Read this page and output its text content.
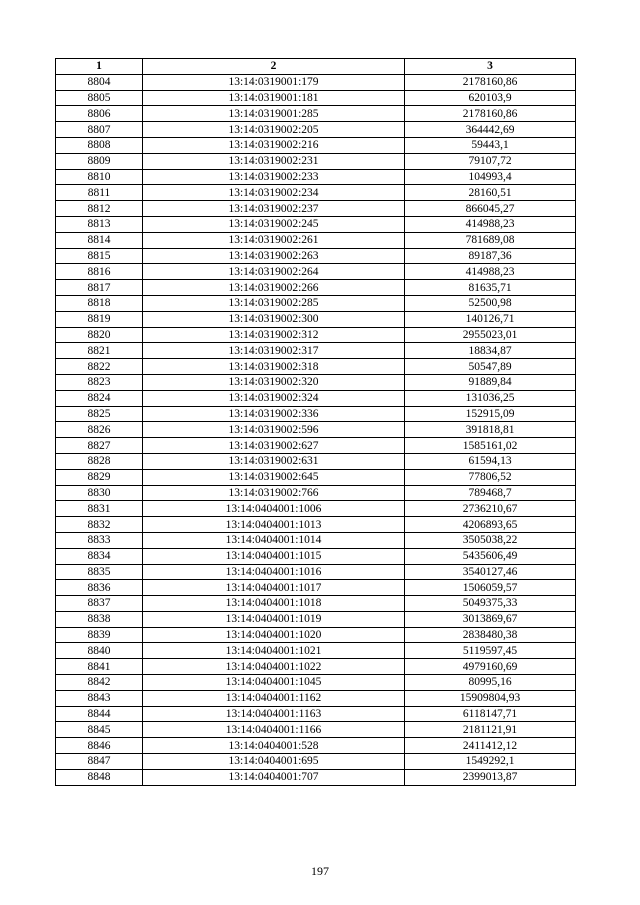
1	2	3
8804	13:14:0319001:179	2178160,86
8805	13:14:0319001:181	620103,9
8806	13:14:0319001:285	2178160,86
8807	13:14:0319002:205	364442,69
8808	13:14:0319002:216	59443,1
8809	13:14:0319002:231	79107,72
8810	13:14:0319002:233	104993,4
8811	13:14:0319002:234	28160,51
8812	13:14:0319002:237	866045,27
8813	13:14:0319002:245	414988,23
8814	13:14:0319002:261	781689,08
8815	13:14:0319002:263	89187,36
8816	13:14:0319002:264	414988,23
8817	13:14:0319002:266	81635,71
8818	13:14:0319002:285	52500,98
8819	13:14:0319002:300	140126,71
8820	13:14:0319002:312	2955023,01
8821	13:14:0319002:317	18834,87
8822	13:14:0319002:318	50547,89
8823	13:14:0319002:320	91889,84
8824	13:14:0319002:324	131036,25
8825	13:14:0319002:336	152915,09
8826	13:14:0319002:596	391818,81
8827	13:14:0319002:627	1585161,02
8828	13:14:0319002:631	61594,13
8829	13:14:0319002:645	77806,52
8830	13:14:0319002:766	789468,7
8831	13:14:0404001:1006	2736210,67
8832	13:14:0404001:1013	4206893,65
8833	13:14:0404001:1014	3505038,22
8834	13:14:0404001:1015	5435606,49
8835	13:14:0404001:1016	3540127,46
8836	13:14:0404001:1017	1506059,57
8837	13:14:0404001:1018	5049375,33
8838	13:14:0404001:1019	3013869,67
8839	13:14:0404001:1020	2838480,38
8840	13:14:0404001:1021	5119597,45
8841	13:14:0404001:1022	4979160,69
8842	13:14:0404001:1045	80995,16
8843	13:14:0404001:1162	15909804,93
8844	13:14:0404001:1163	6118147,71
8845	13:14:0404001:1166	2181121,91
8846	13:14:0404001:528	2411412,12
8847	13:14:0404001:695	1549292,1
8848	13:14:0404001:707	2399013,87
197
